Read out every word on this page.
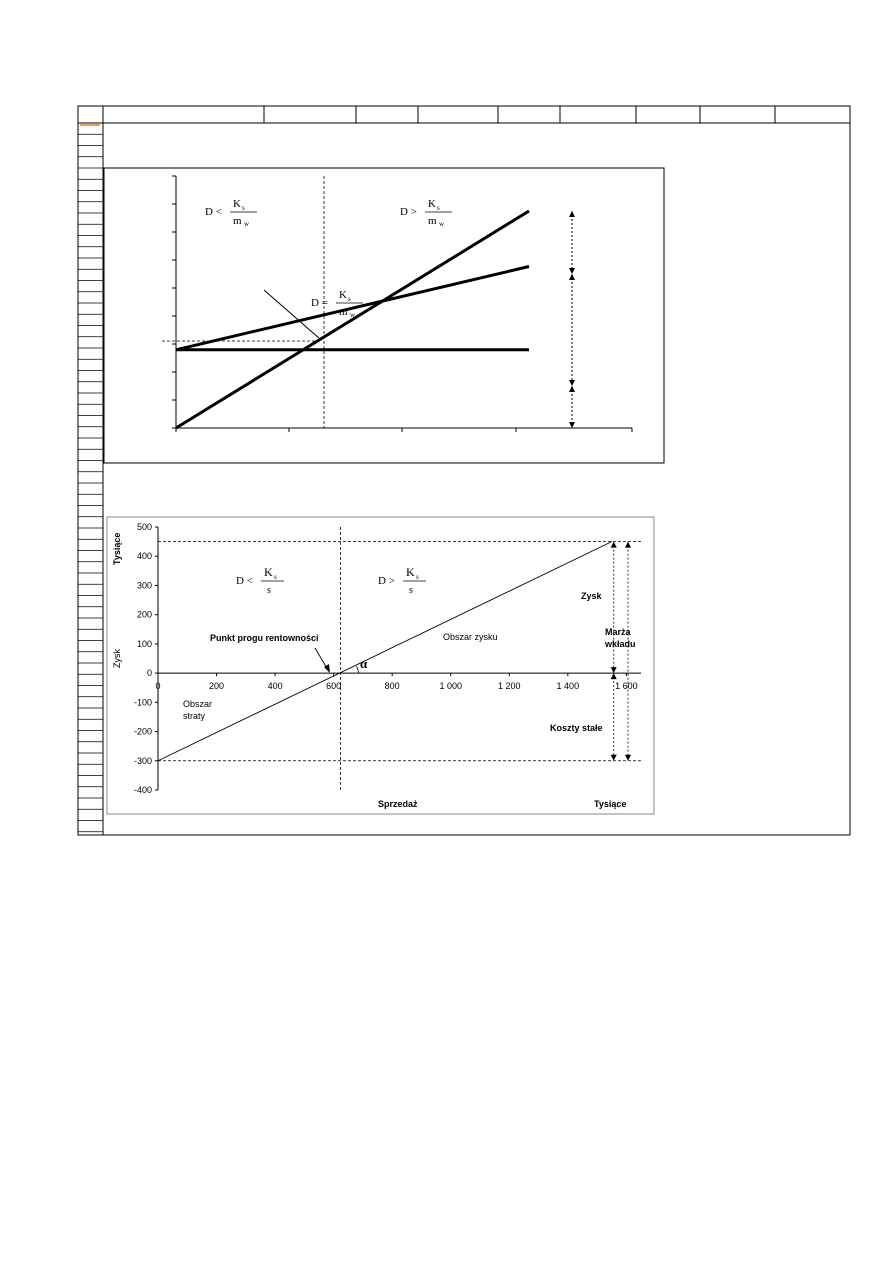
D <
K s
m w
D >
K s
m w
D =
K s
m w
500
400
300
200
100
0
-100
-200
-300
-400
0	200	400	600	800	1 000	1 200	1 400	1 600
D <
K s
s
D >
K s
s
Tysiące
Zysk
Sprzedaż	Tysiące
Punkt progu rentowności	Obszar zysku
Obszar
straty
Zysk
Marża
wkładu
Koszty stałe
α
